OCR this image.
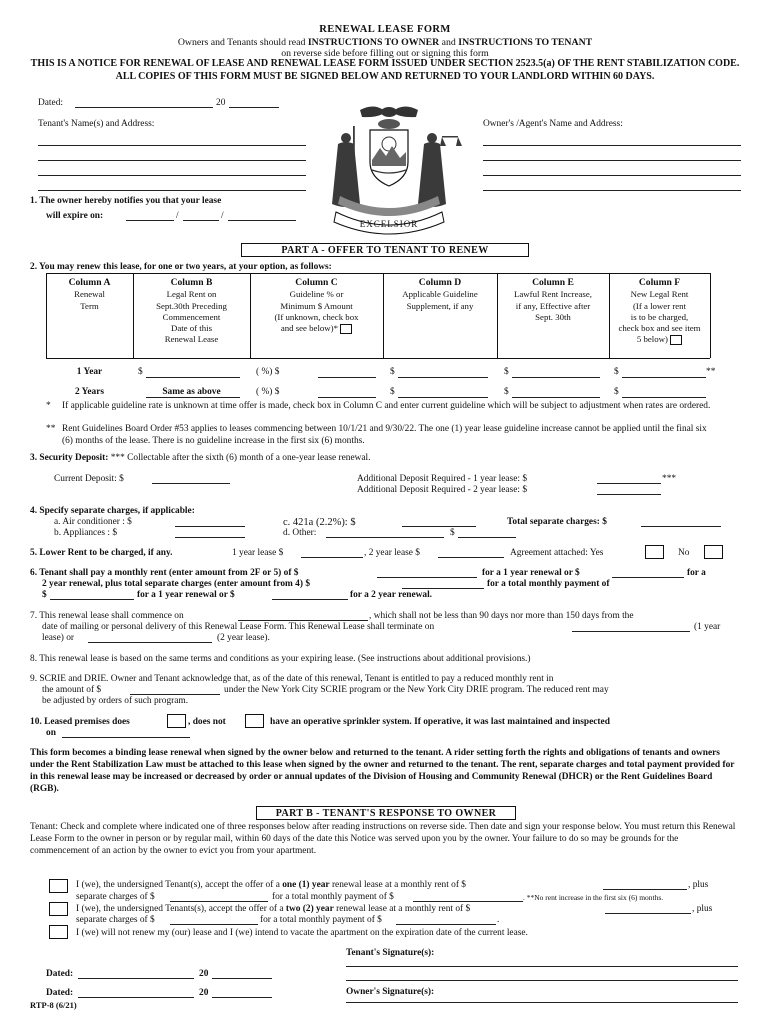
RENEWAL LEASE FORM
Owners and Tenants should read INSTRUCTIONS TO OWNER and INSTRUCTIONS TO TENANT
on reverse side before filling out or signing this form
THIS IS A NOTICE FOR RENEWAL OF LEASE AND RENEWAL LEASE FORM ISSUED UNDER SECTION 2523.5(a) OF THE RENT STABILIZATION CODE. ALL COPIES OF THIS FORM MUST BE SIGNED BELOW AND RETURNED TO YOUR LANDLORD WITHIN 60 DAYS.
Dated:	20
Tenant's Name(s) and Address:	Owner's /Agent's Name and Address:
EXCELSIOR
1. The owner hereby notifies you that your lease
will expire on:	/	/
PART A - OFFER TO TENANT TO RENEW
2. You may renew this lease, for one or two years, at your option, as follows:
Column A
Renewal
Term
Column B
Legal Rent on
Sept.30th Preceding
Commencement
Date of this
Renewal Lease
Column C
Guideline % or
Minimum $ Amount
(If unknown, check box
and see below)*
Column D
Applicable Guideline
Supplement, if any
Column E
Lawful Rent Increase,
if any, Effective after
Sept. 30th
Column F
New Legal Rent
(If a lower rent
is to be charged,
check box and see item
5 below)
1 Year	$	( %) $	$	$	$	**
2 Years	Same as above	( %) $	$	$	$
* If applicable guideline rate is unknown at time offer is made, check box in Column C and enter current guideline which will be subject to adjustment when rates are ordered.
** Rent Guidelines Board Order #53 applies to leases commencing between 10/1/21 and 9/30/22. The one (1) year lease guideline increase cannot be applied until the final six (6) months of the lease. There is no guideline increase in the first six (6) months.
3. Security Deposit: *** Collectable after the sixth (6) month of a one-year lease renewal.
Current Deposit: $	Additional Deposit Required - 1 year lease: $	***
Additional Deposit Required - 2 year lease: $
4. Specify separate charges, if applicable:
a. Air conditioner : $
b. Appliances : $
c. 421a (2.2%): $
d. Other:	$
Total separate charges: $
5. Lower Rent to be charged, if any.	1 year lease $	, 2 year lease $	Agreement attached: Yes	No
6. Tenant shall pay a monthly rent (enter amount from 2F or 5) of $	for a 1 year renewal or $	for a
2 year renewal, plus total separate charges (enter amount from 4) $	for a total monthly payment of
$	for a 1 year renewal or $	for a 2 year renewal.
7. This renewal lease shall commence on	, which shall not be less than 90 days nor more than 150 days from the
date of mailing or personal delivery of this Renewal Lease Form. This Renewal Lease shall terminate on	(1 year
lease) or	(2 year lease).
8. This renewal lease is based on the same terms and conditions as your expiring lease. (See instructions about additional provisions.)
9. SCRIE and DRIE. Owner and Tenant acknowledge that, as of the date of this renewal, Tenant is entitled to pay a reduced monthly rent in
the amount of $	under the New York City SCRIE program or the New York City DRIE program. The reduced rent may
be adjusted by orders of such program.
10. Leased premises does	, does not	have an operative sprinkler system. If operative, it was last maintained and inspected
on
This form becomes a binding lease renewal when signed by the owner below and returned to the tenant. A rider setting forth the rights and obligations of tenants and owners under the Rent Stabilization Law must be attached to this lease when signed by the owner and returned to the tenant. The rent, separate charges and total payment provided for in this renewal lease may be increased or decreased by order or annual updates of the Division of Housing and Community Renewal (DHCR) or the Rent Guidelines Board (RGB).
PART B - TENANT'S RESPONSE TO OWNER
Tenant: Check and complete where indicated one of three responses below after reading instructions on reverse side. Then date and sign your response below. You must return this Renewal Lease Form to the owner in person or by regular mail, within 60 days of the date this Notice was served upon you by the owner. Your failure to do so may be grounds for the commencement of an action by the owner to evict you from your apartment.
I (we), the undersigned Tenant(s), accept the offer of a one (1) year renewal lease at a monthly rent of $	, plus
separate charges of $	for a total monthly payment of $	. **No rent increase in the first six (6) months.
I (we), the undersigned Tenants(s), accept the offer of a two (2) year renewal lease at a monthly rent of $	, plus
separate charges of $	for a total monthly payment of $	.
I (we) will not renew my (our) lease and I (we) intend to vacate the apartment on the expiration date of the current lease.
Tenant's Signature(s):
Dated:	20
Dated:	20	Owner's Signature(s):
RTP-8 (6/21)
